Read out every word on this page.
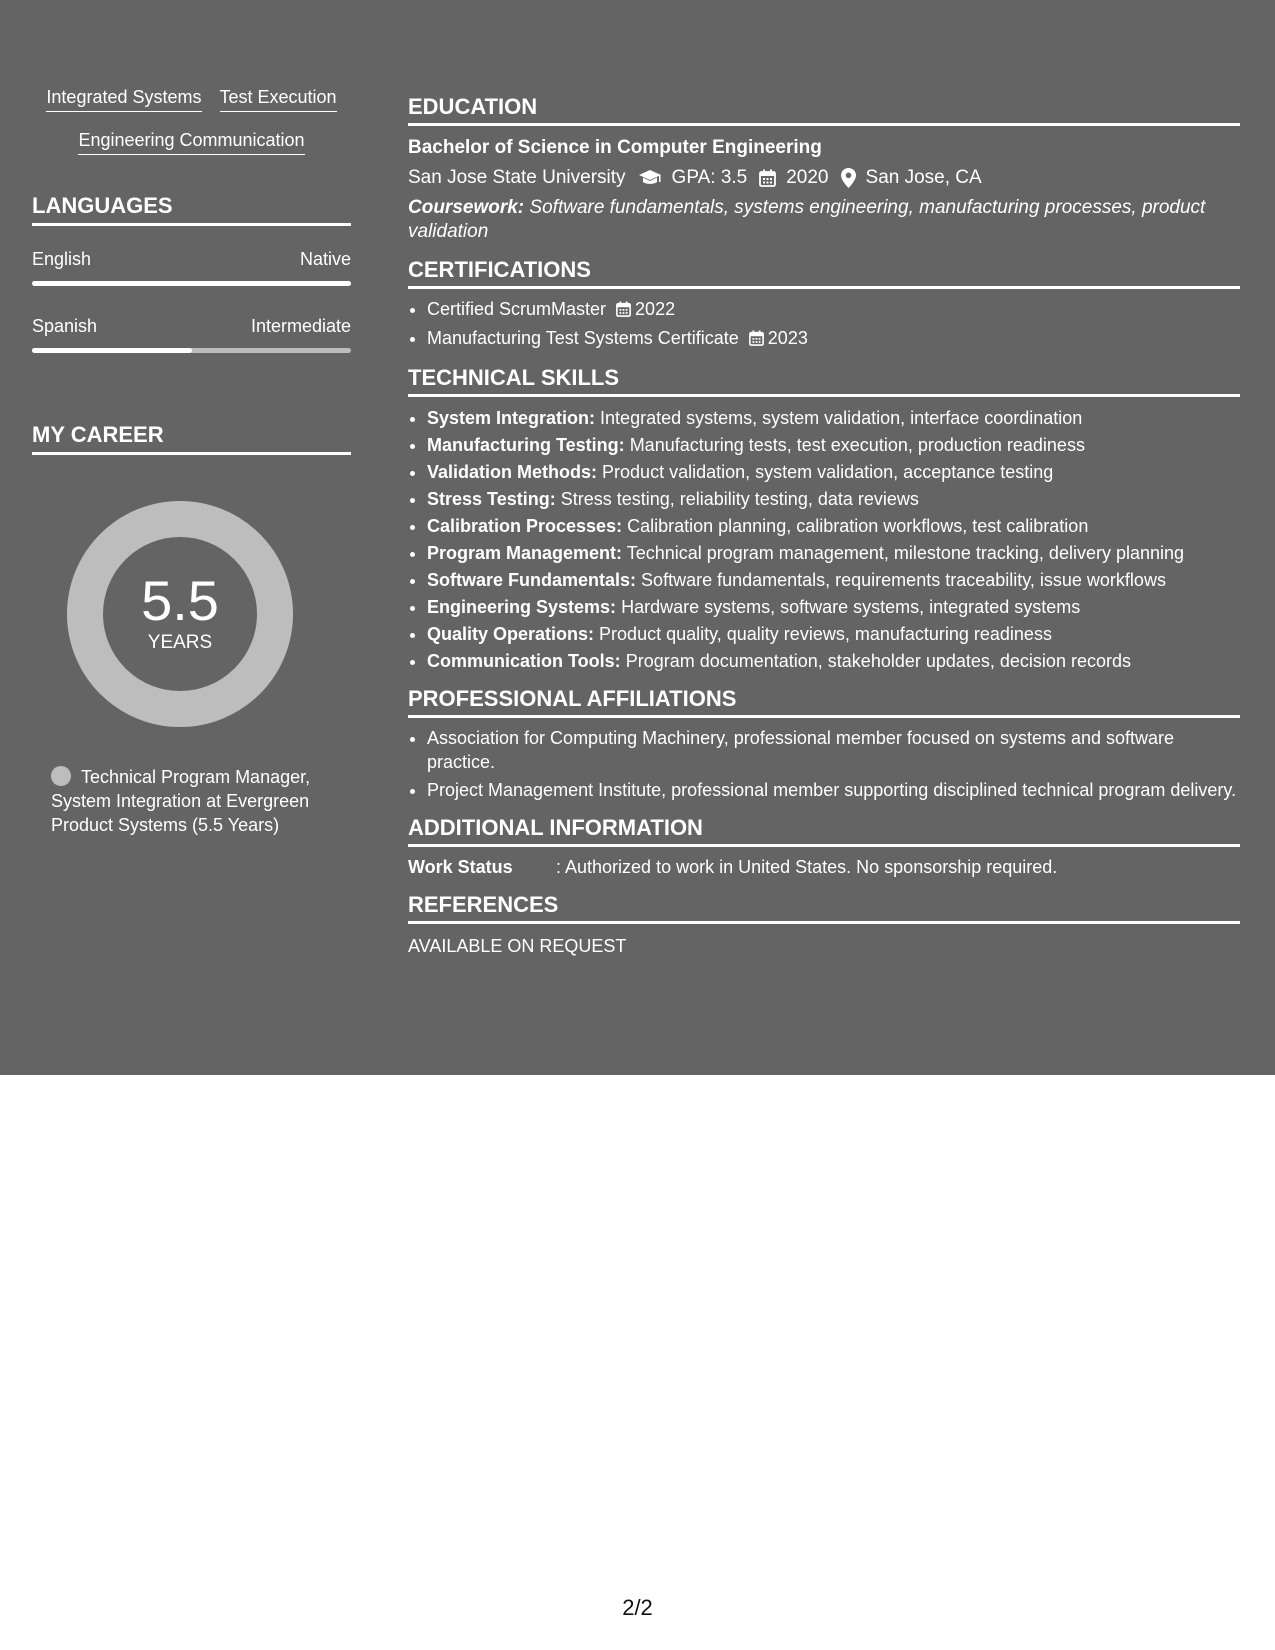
Integrated Systems Test Execution
Engineering Communication
LANGUAGES
English	Native
Spanish	Intermediate
MY CAREER
5.5
YEARS
Technical Program Manager, System Integration at Evergreen Product Systems (5.5 Years)
EDUCATION
Bachelor of Science in Computer Engineering
San Jose State University GPA: 3.5 2020 San Jose, CA
Coursework: Software fundamentals, systems engineering, manufacturing processes, product validation
CERTIFICATIONS
• Certified ScrumMaster 2022
• Manufacturing Test Systems Certificate 2023
TECHNICAL SKILLS
• System Integration: Integrated systems, system validation, interface coordination
• Manufacturing Testing: Manufacturing tests, test execution, production readiness
• Validation Methods: Product validation, system validation, acceptance testing
• Stress Testing: Stress testing, reliability testing, data reviews
• Calibration Processes: Calibration planning, calibration workflows, test calibration
• Program Management: Technical program management, milestone tracking, delivery planning
• Software Fundamentals: Software fundamentals, requirements traceability, issue workflows
• Engineering Systems: Hardware systems, software systems, integrated systems
• Quality Operations: Product quality, quality reviews, manufacturing readiness
• Communication Tools: Program documentation, stakeholder updates, decision records
PROFESSIONAL AFFILIATIONS
• Association for Computing Machinery, professional member focused on systems and software practice.
• Project Management Institute, professional member supporting disciplined technical program delivery.
ADDITIONAL INFORMATION
Work Status	: Authorized to work in United States. No sponsorship required.
REFERENCES
AVAILABLE ON REQUEST
2/2
